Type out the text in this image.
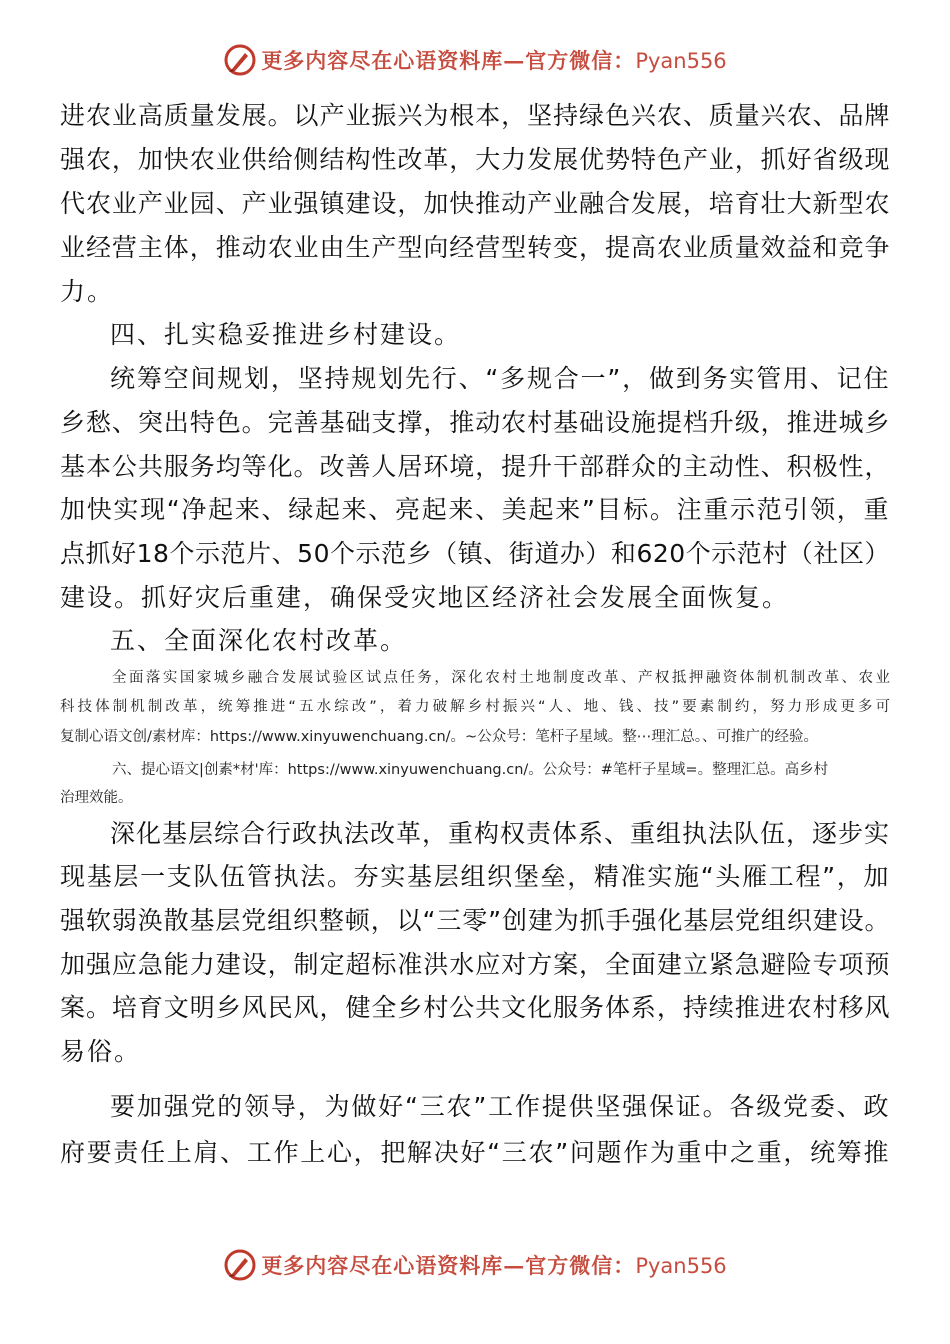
更多内容尽在心语资料库—官方微信：Pyan556
进农业高质量发展。以产业振兴为根本，坚持绿色兴农、质量兴农、品牌
强农，加快农业供给侧结构性改革，大力发展优势特色产业，抓好省级现
代农业产业园、产业强镇建设，加快推动产业融合发展，培育壮大新型农
业经营主体，推动农业由生产型向经营型转变，提高农业质量效益和竞争
力。
四、扎实稳妥推进乡村建设。
统筹空间规划，坚持规划先行、“多规合一”，做到务实管用、记住
乡愁、突出特色。完善基础支撑，推动农村基础设施提档升级，推进城乡
基本公共服务均等化。改善人居环境，提升干部群众的主动性、积极性，
加快实现“净起来、绿起来、亮起来、美起来”目标。注重示范引领，重
点抓好18个示范片、50个示范乡（镇、街道办）和620个示范村（社区）
建设。抓好灾后重建，确保受灾地区经济社会发展全面恢复。
五、全面深化农村改革。
全面落实国家城乡融合发展试验区试点任务，深化农村土地制度改革、产权抵押融资体制机制改革、农业
科技体制机制改革，统筹推进“五水综改”，着力破解乡村振兴“人、地、钱、技”要素制约，努力形成更多可
复制心语文创/素材库：https://www.xinyuwenchuang.cn/。~公众号：笔杆子星域。整⋯理汇总。、可推广的经验。
六、提心语文|创素*材'库：https://www.xinyuwenchuang.cn/。公众号：#笔杆子星域=。整理汇总。高乡村
治理效能。
深化基层综合行政执法改革，重构权责体系、重组执法队伍，逐步实
现基层一支队伍管执法。夯实基层组织堡垒，精准实施“头雁工程”，加
强软弱涣散基层党组织整顿，以“三零”创建为抓手强化基层党组织建设。
加强应急能力建设，制定超标准洪水应对方案，全面建立紧急避险专项预
案。培育文明乡风民风，健全乡村公共文化服务体系，持续推进农村移风
易俗。
要加强党的领导，为做好“三农”工作提供坚强保证。各级党委、政
府要责任上肩、工作上心，把解决好“三农”问题作为重中之重，统筹推
更多内容尽在心语资料库—官方微信：Pyan556
